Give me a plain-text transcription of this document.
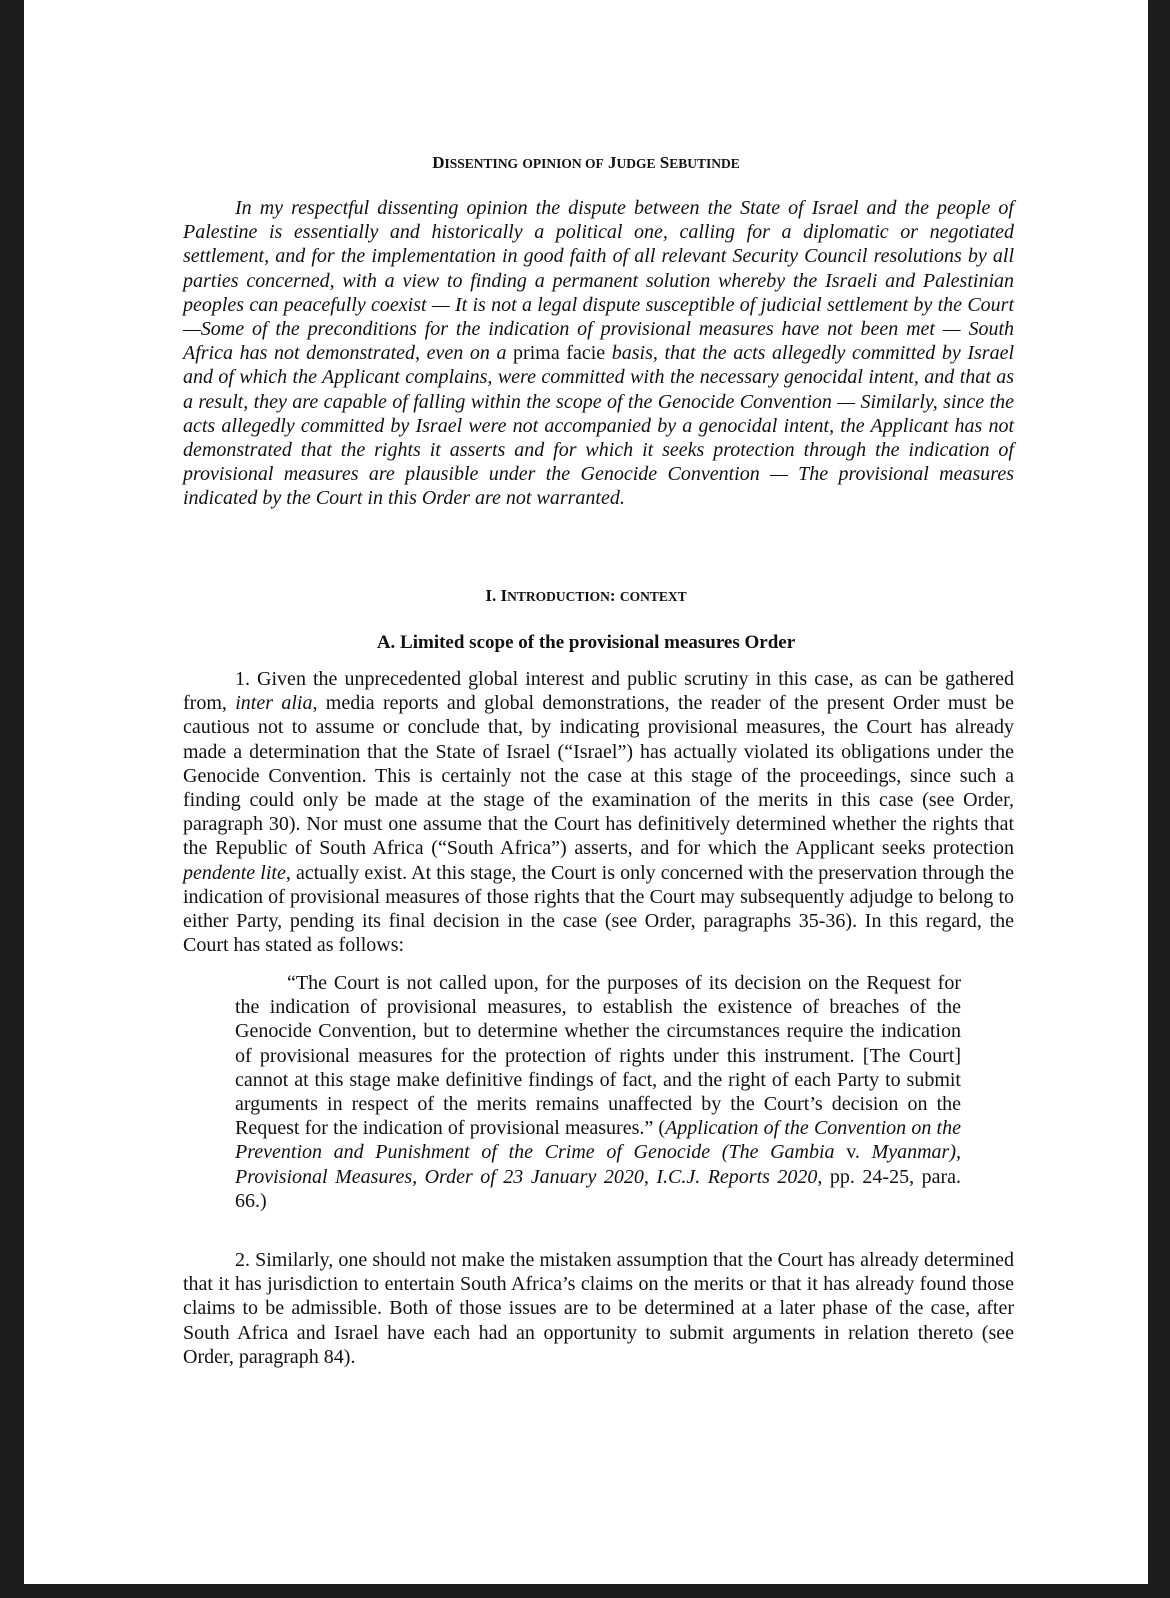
DISSENTING OPINION OF JUDGE SEBUTINDE

In my respectful dissenting opinion the dispute between the State of Israel and the people of Palestine is essentially and historically a political one, calling for a diplomatic or negotiated settlement, and for the implementation in good faith of all relevant Security Council resolutions by all parties concerned, with a view to finding a permanent solution whereby the Israeli and Palestinian peoples can peacefully coexist — It is not a legal dispute susceptible of judicial settlement by the Court —Some of the preconditions for the indication of provisional measures have not been met — South Africa has not demonstrated, even on a prima facie basis, that the acts allegedly committed by Israel and of which the Applicant complains, were committed with the necessary genocidal intent, and that as a result, they are capable of falling within the scope of the Genocide Convention — Similarly, since the acts allegedly committed by Israel were not accompanied by a genocidal intent, the Applicant has not demonstrated that the rights it asserts and for which it seeks protection through the indication of provisional measures are plausible under the Genocide Convention — The provisional measures indicated by the Court in this Order are not warranted.

I. INTRODUCTION: CONTEXT
A. Limited scope of the provisional measures Order

1. Given the unprecedented global interest and public scrutiny in this case, as can be gathered from, inter alia, media reports and global demonstrations, the reader of the present Order must be cautious not to assume or conclude that, by indicating provisional measures, the Court has already made a determination that the State of Israel (“Israel”) has actually violated its obligations under the Genocide Convention. This is certainly not the case at this stage of the proceedings, since such a finding could only be made at the stage of the examination of the merits in this case (see Order, paragraph 30). Nor must one assume that the Court has definitively determined whether the rights that the Republic of South Africa (“South Africa”) asserts, and for which the Applicant seeks protection pendente lite, actually exist. At this stage, the Court is only concerned with the preservation through the indication of provisional measures of those rights that the Court may subsequently adjudge to belong to either Party, pending its final decision in the case (see Order, paragraphs 35-36). In this regard, the Court has stated as follows:

“The Court is not called upon, for the purposes of its decision on the Request for the indication of provisional measures, to establish the existence of breaches of the Genocide Convention, but to determine whether the circumstances require the indication of provisional measures for the protection of rights under this instrument. [The Court] cannot at this stage make definitive findings of fact, and the right of each Party to submit arguments in respect of the merits remains unaffected by the Court’s decision on the Request for the indication of provisional measures.” (Application of the Convention on the Prevention and Punishment of the Crime of Genocide (The Gambia v. Myanmar), Provisional Measures, Order of 23 January 2020, I.C.J. Reports 2020, pp. 24-25, para. 66.)

2. Similarly, one should not make the mistaken assumption that the Court has already determined that it has jurisdiction to entertain South Africa’s claims on the merits or that it has already found those claims to be admissible. Both of those issues are to be determined at a later phase of the case, after South Africa and Israel have each had an opportunity to submit arguments in relation thereto (see Order, paragraph 84).
